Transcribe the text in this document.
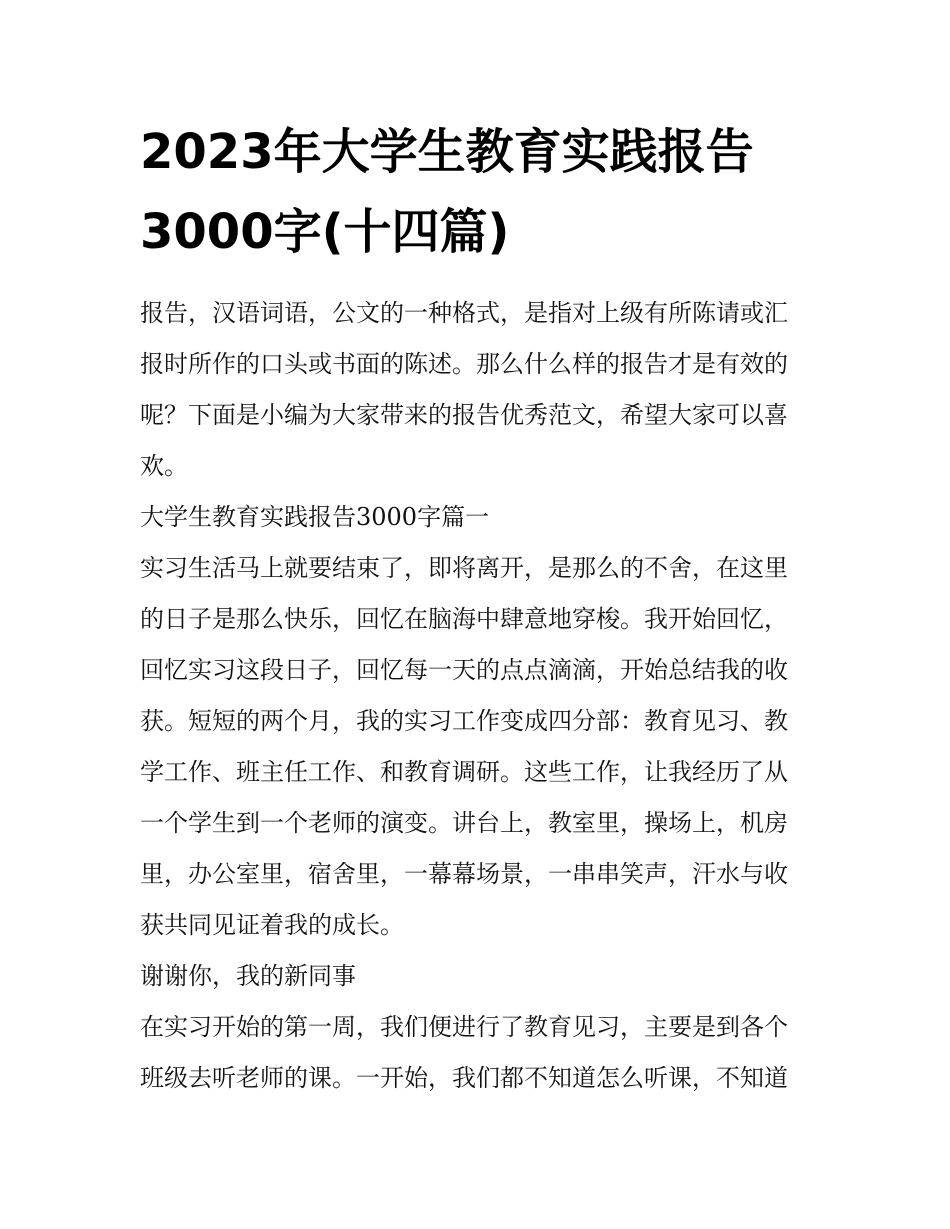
2023年大学生教育实践报告
3000字(十四篇)
报告，汉语词语，公文的一种格式，是指对上级有所陈请或汇
报时所作的口头或书面的陈述。那么什么样的报告才是有效的
呢？下面是小编为大家带来的报告优秀范文，希望大家可以喜
欢。
大学生教育实践报告3000字篇一
实习生活马上就要结束了，即将离开，是那么的不舍，在这里
的日子是那么快乐，回忆在脑海中肆意地穿梭。我开始回忆，
回忆实习这段日子，回忆每一天的点点滴滴，开始总结我的收
获。短短的两个月，我的实习工作变成四分部：教育见习、教
学工作、班主任工作、和教育调研。这些工作，让我经历了从
一个学生到一个老师的演变。讲台上，教室里，操场上，机房
里，办公室里，宿舍里，一幕幕场景，一串串笑声，汗水与收
获共同见证着我的成长。
谢谢你，我的新同事
在实习开始的第一周，我们便进行了教育见习，主要是到各个
班级去听老师的课。一开始，我们都不知道怎么听课，不知道
